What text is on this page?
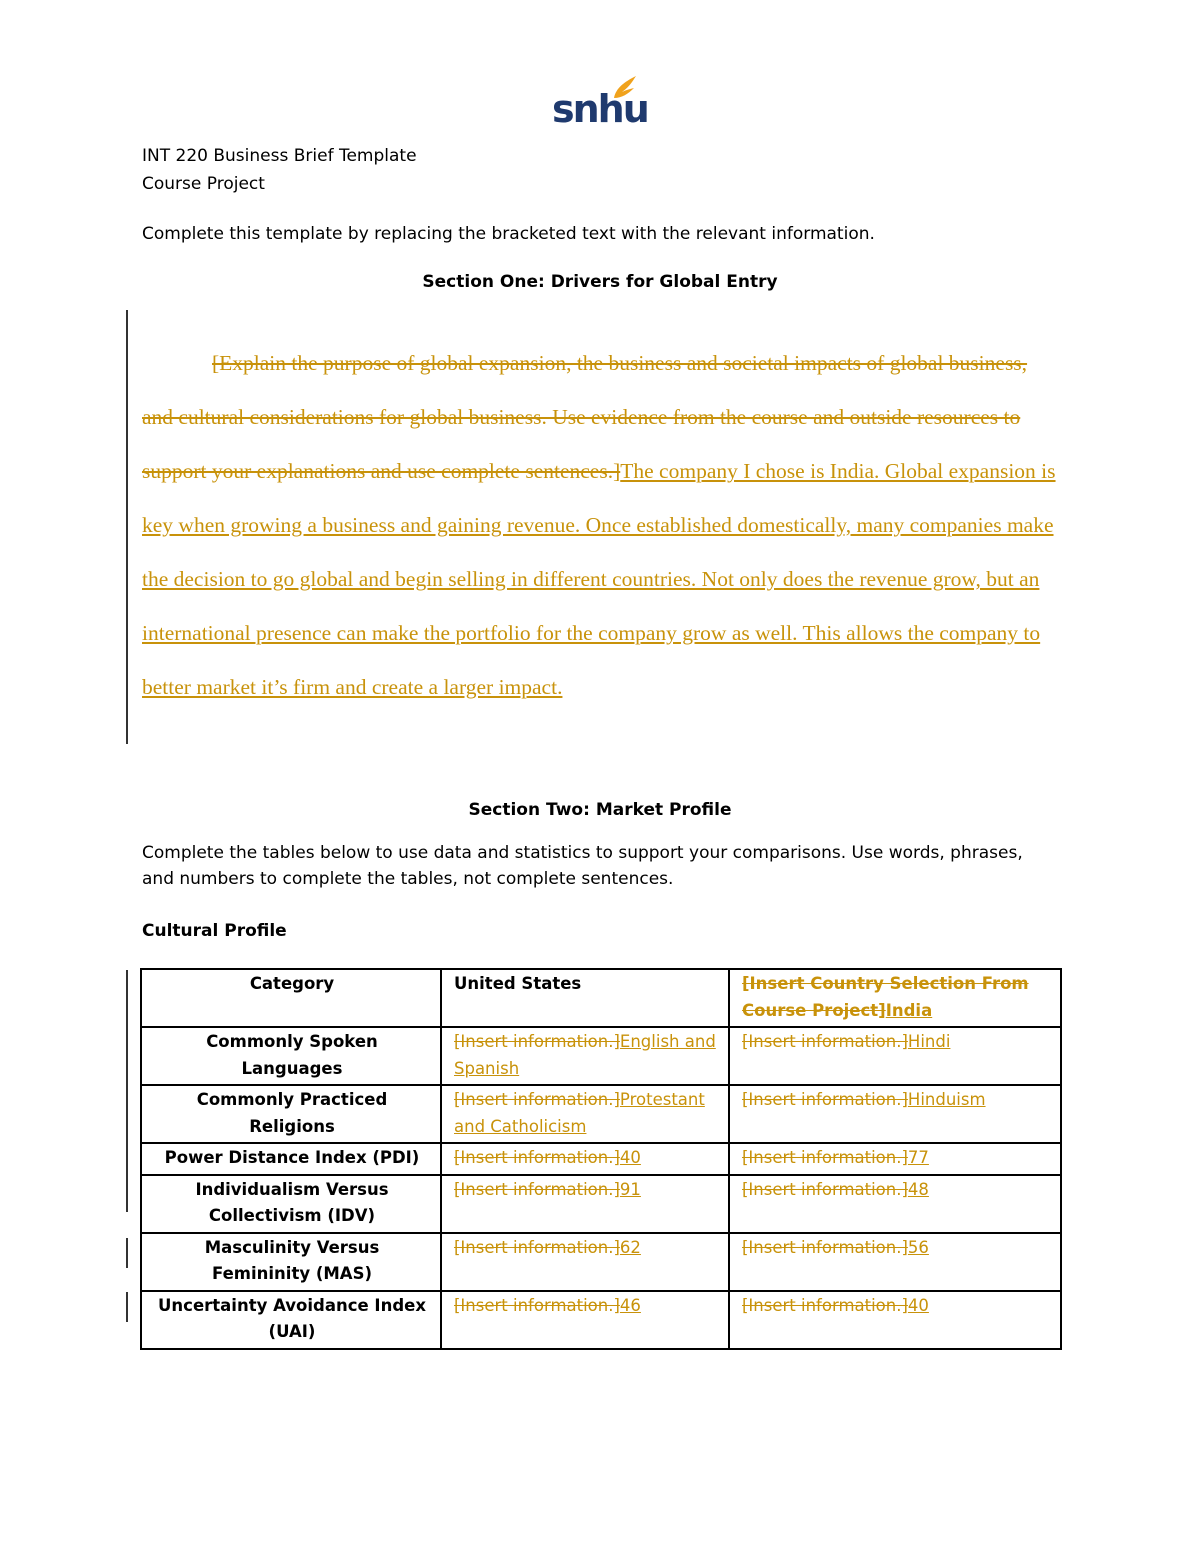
snhu

INT 220 Business Brief Template

Course Project

Complete this template by replacing the bracketed text with the relevant information.

Section One: Drivers for Global Entry

[Explain the purpose of global expansion, the business and societal impacts of global business, and cultural considerations for global business. Use evidence from the course and outside resources to support your explanations and use complete sentences.]The company I chose is India. Global expansion is key when growing a business and gaining revenue. Once established domestically, many companies make the decision to go global and begin selling in different countries. Not only does the revenue grow, but an international presence can make the portfolio for the company grow as well. This allows the company to better market it’s firm and create a larger impact.

Section Two: Market Profile

Complete the tables below to use data and statistics to support your comparisons. Use words, phrases,

and numbers to complete the tables, not complete sentences.

Cultural Profile

Category	United States	[Insert Country Selection From Course Project]India
Commonly Spoken Languages	[Insert information.]English and Spanish	[Insert information.]Hindi
Commonly Practiced Religions	[Insert information.]Protestant and Catholicism	[Insert information.]Hinduism
Power Distance Index (PDI)	[Insert information.]40	[Insert information.]77
Individualism Versus Collectivism (IDV)	[Insert information.]91	[Insert information.]48
Masculinity Versus Femininity (MAS)	[Insert information.]62	[Insert information.]56
Uncertainty Avoidance Index (UAI)	[Insert information.]46	[Insert information.]40
